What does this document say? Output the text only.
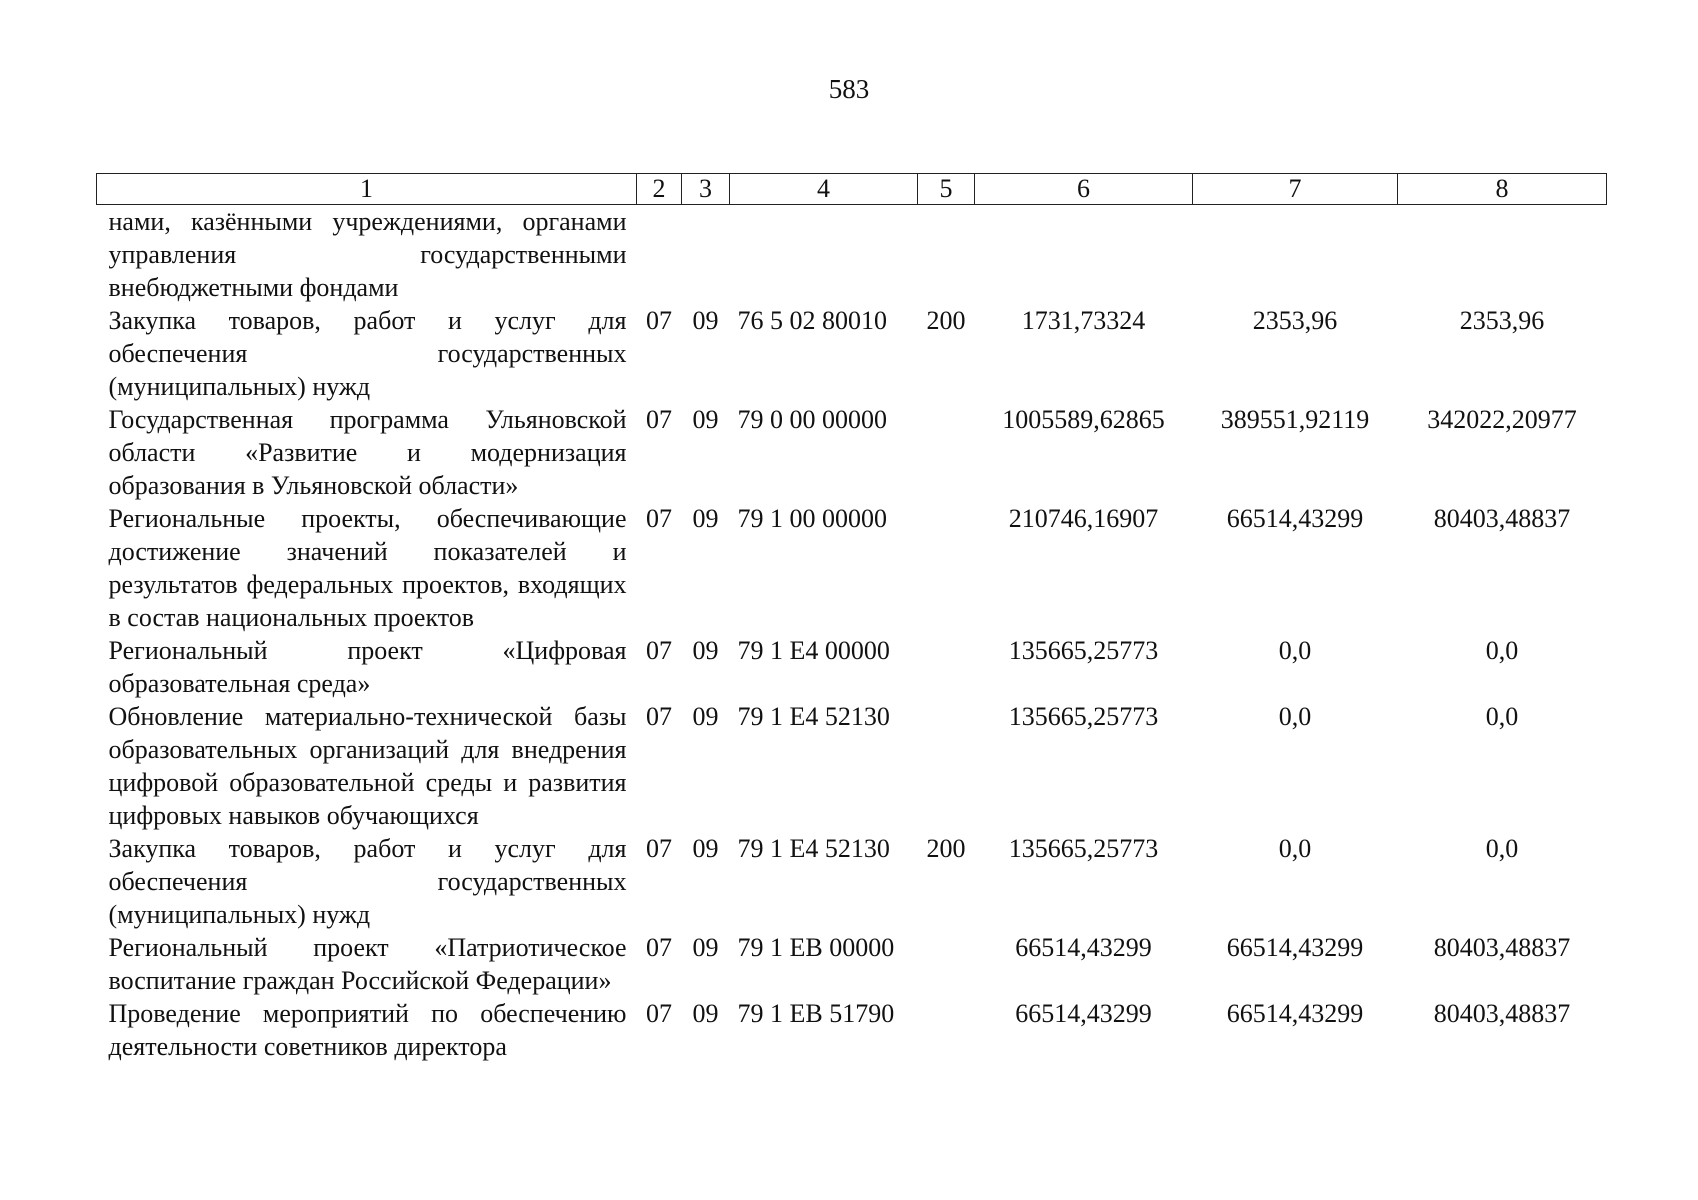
583
1	2	3	4	5	6	7	8
нами, казёнными учреждениями, органами управления государственными внебюджетными фондами							
Закупка товаров, работ и услуг для обеспечения государственных (муниципальных) нужд	07	09	76 5 02 80010	200	1731,73324	2353,96	2353,96
Государственная программа Ульяновской области «Развитие и модернизация образования в Ульяновской области»	07	09	79 0 00 00000		1005589,62865	389551,92119	342022,20977
Региональные проекты, обеспечивающие достижение значений показателей и результатов федеральных проектов, входящих в состав национальных проектов	07	09	79 1 00 00000		210746,16907	66514,43299	80403,48837
Региональный проект «Цифровая образовательная среда»	07	09	79 1 E4 00000		135665,25773	0,0	0,0
Обновление материально-технической базы образовательных организаций для внедрения цифровой образовательной среды и развития цифровых навыков обучающихся	07	09	79 1 E4 52130		135665,25773	0,0	0,0
Закупка товаров, работ и услуг для обеспечения государственных (муниципальных) нужд	07	09	79 1 E4 52130	200	135665,25773	0,0	0,0
Региональный проект «Патриотическое воспитание граждан Российской Федерации»	07	09	79 1 EB 00000		66514,43299	66514,43299	80403,48837
Проведение мероприятий по обеспечению деятельности советников директора	07	09	79 1 EB 51790		66514,43299	66514,43299	80403,48837
